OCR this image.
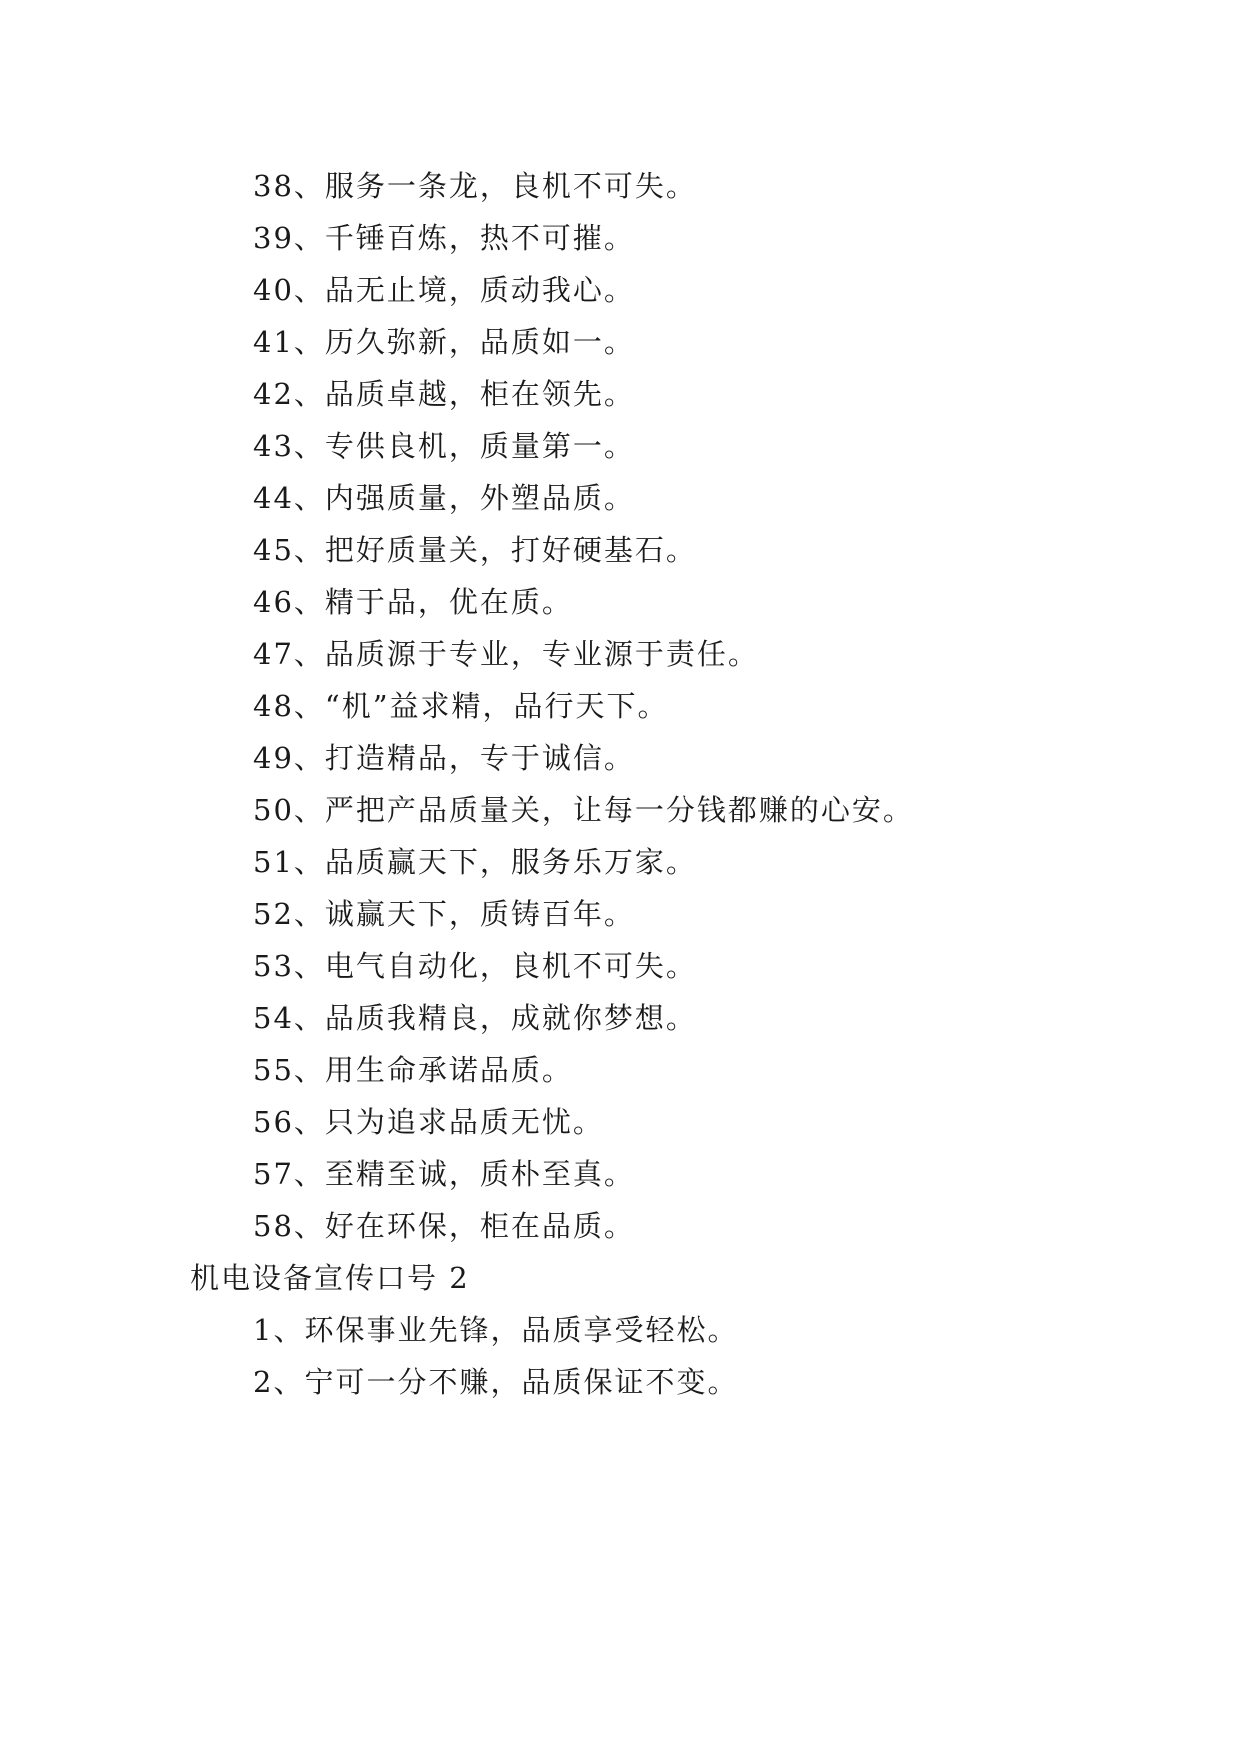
38、服务一条龙，良机不可失。
39、千锤百炼，热不可摧。
40、品无止境，质动我心。
41、历久弥新，品质如一。
42、品质卓越，柜在领先。
43、专供良机，质量第一。
44、内强质量，外塑品质。
45、把好质量关，打好硬基石。
46、精于品，优在质。
47、品质源于专业，专业源于责任。
48、“机”益求精，品行天下。
49、打造精品，专于诚信。
50、严把产品质量关，让每一分钱都赚的心安。
51、品质赢天下，服务乐万家。
52、诚赢天下，质铸百年。
53、电气自动化，良机不可失。
54、品质我精良，成就你梦想。
55、用生命承诺品质。
56、只为追求品质无忧。
57、至精至诚，质朴至真。
58、好在环保，柜在品质。
机电设备宣传口号 2
1、环保事业先锋，品质享受轻松。
2、宁可一分不赚，品质保证不变。
